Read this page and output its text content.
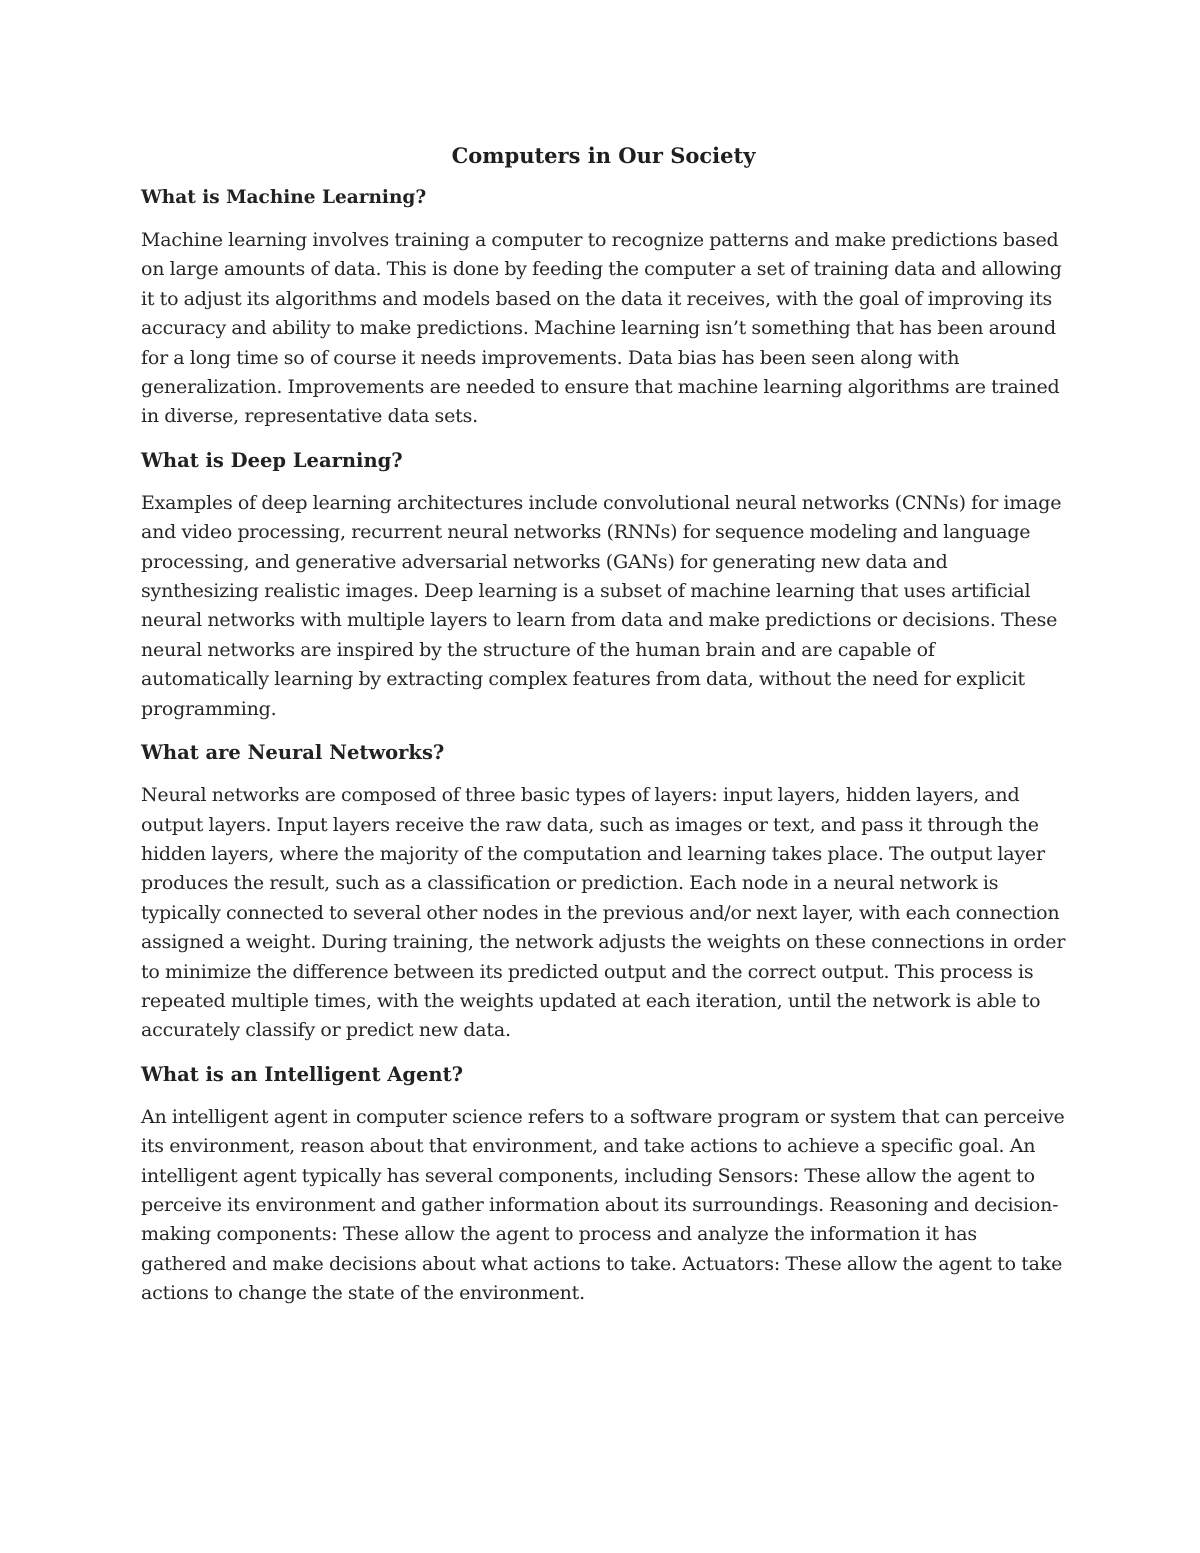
Computers in Our Society
What is Machine Learning?

Machine learning involves training a computer to recognize patterns and make predictions based on large amounts of data. This is done by feeding the computer a set of training data and allowing it to adjust its algorithms and models based on the data it receives, with the goal of improving its accuracy and ability to make predictions. Machine learning isn’t something that has been around for a long time so of course it needs improvements. Data bias has been seen along with generalization. Improvements are needed to ensure that machine learning algorithms are trained in diverse, representative data sets.

What is Deep Learning?

Examples of deep learning architectures include convolutional neural networks (CNNs) for image and video processing, recurrent neural networks (RNNs) for sequence modeling and language processing, and generative adversarial networks (GANs) for generating new data and synthesizing realistic images. Deep learning is a subset of machine learning that uses artificial neural networks with multiple layers to learn from data and make predictions or decisions. These neural networks are inspired by the structure of the human brain and are capable of automatically learning by extracting complex features from data, without the need for explicit programming.

What are Neural Networks?

Neural networks are composed of three basic types of layers: input layers, hidden layers, and output layers. Input layers receive the raw data, such as images or text, and pass it through the hidden layers, where the majority of the computation and learning takes place. The output layer produces the result, such as a classification or prediction. Each node in a neural network is typically connected to several other nodes in the previous and/or next layer, with each connection assigned a weight. During training, the network adjusts the weights on these connections in order to minimize the difference between its predicted output and the correct output. This process is repeated multiple times, with the weights updated at each iteration, until the network is able to accurately classify or predict new data.

What is an Intelligent Agent?

An intelligent agent in computer science refers to a software program or system that can perceive its environment, reason about that environment, and take actions to achieve a specific goal. An intelligent agent typically has several components, including Sensors: These allow the agent to perceive its environment and gather information about its surroundings. Reasoning and decision-making components: These allow the agent to process and analyze the information it has gathered and make decisions about what actions to take. Actuators: These allow the agent to take actions to change the state of the environment.
